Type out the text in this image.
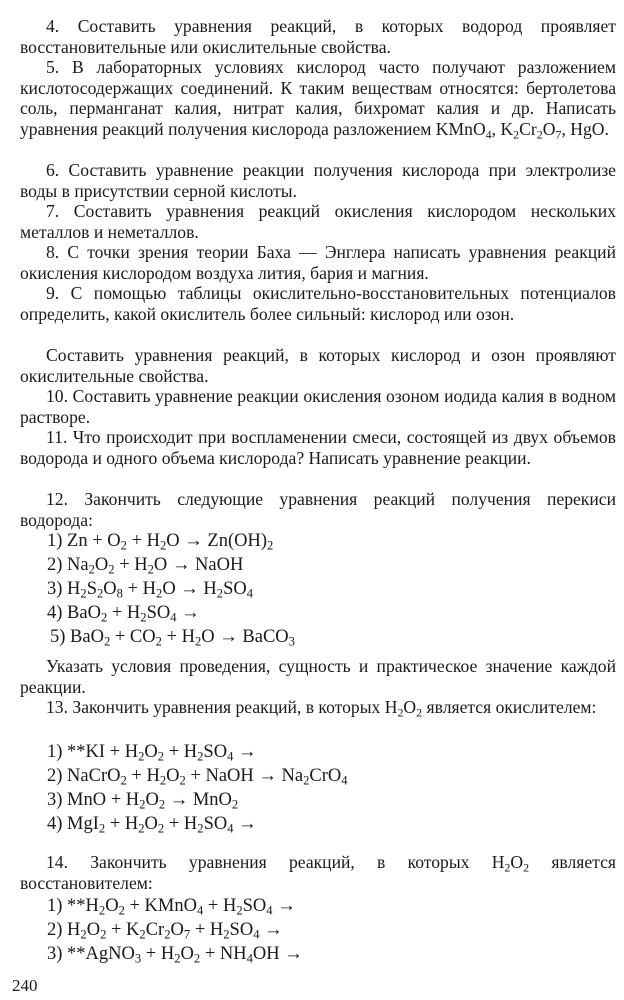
4. Составить уравнения реакций, в которых водород проявляет восстановительные или окислительные свойства.

5. В лабораторных условиях кислород часто получают разложением кислотосодержащих соединений. К таким веществам относятся: бертолетова соль, перманганат калия, нитрат калия, бихромат калия и др. Написать уравнения реакций получения кислорода разложением KMnO$_4$, $K_2Cr_2O_7$, HgO.

6. Составить уравнение реакции получения кислорода при электролизе воды в присутствии серной кислоты.

7. Составить уравнения реакций окисления кислородом нескольких металлов и неметаллов.

8. С точки зрения теории Баха — Энглера написать уравнения реакций окисления кислородом воздуха лития, бария и магния.

9. С помощью таблицы окислительно-восстановительных потенциалов определить, какой окислитель более сильный: кислород или озон.

Составить уравнения реакций, в которых кислород и озон проявляют окислительные свойства.

10. Составить уравнение реакции окисления озоном иодида калия в водном растворе.

11. Что происходит при воспламенении смеси, состоящей из двух объемов водорода и одного объема кислорода? Написать уравнение реакции.

12. Закончить следующие уравнения реакций получения перекиси водорода:

1) $Zn + O_2 + H_2O \to Zn(OH)_2$
2) $Na_2O_2 + H_2O$ → NaOH
3) $H_2S_2O_8 + H_2O \to H_2SO_4$
4) $BaO_2 + H_2SO_4$ →
5) $BaO_2 + CO_2 + H_2O$ → BaCO$_3$

Указать условия проведения, сущность и практическое значение каждой реакции.

13. Закончить уравнения реакций, в которых $H_2O_2$ является окислителем:

1) $**KI + H_2O_2 + H_2SO_4$ →
2) NaCrO$_2$ + $H_2O_2$ + NaOH → $Na_2CrO_4$
3) MnO + $H_2O_2 \to MnO_2$
4) $MgI_2 + H_2O_2 + H_2SO_4$ →

14. Закончить уравнения реакций, в которых $H_2O_2$ является восстановителем:

1) $**H_2O_2$ + KMnO$_4$ + $H_2SO_4$ →
2) $H_2O_2 + K_2Cr_2O_7 + H_2SO_4$ →
3) **AgNO$_3$ + $H_2O_2 + NH_4OH$ →
240
